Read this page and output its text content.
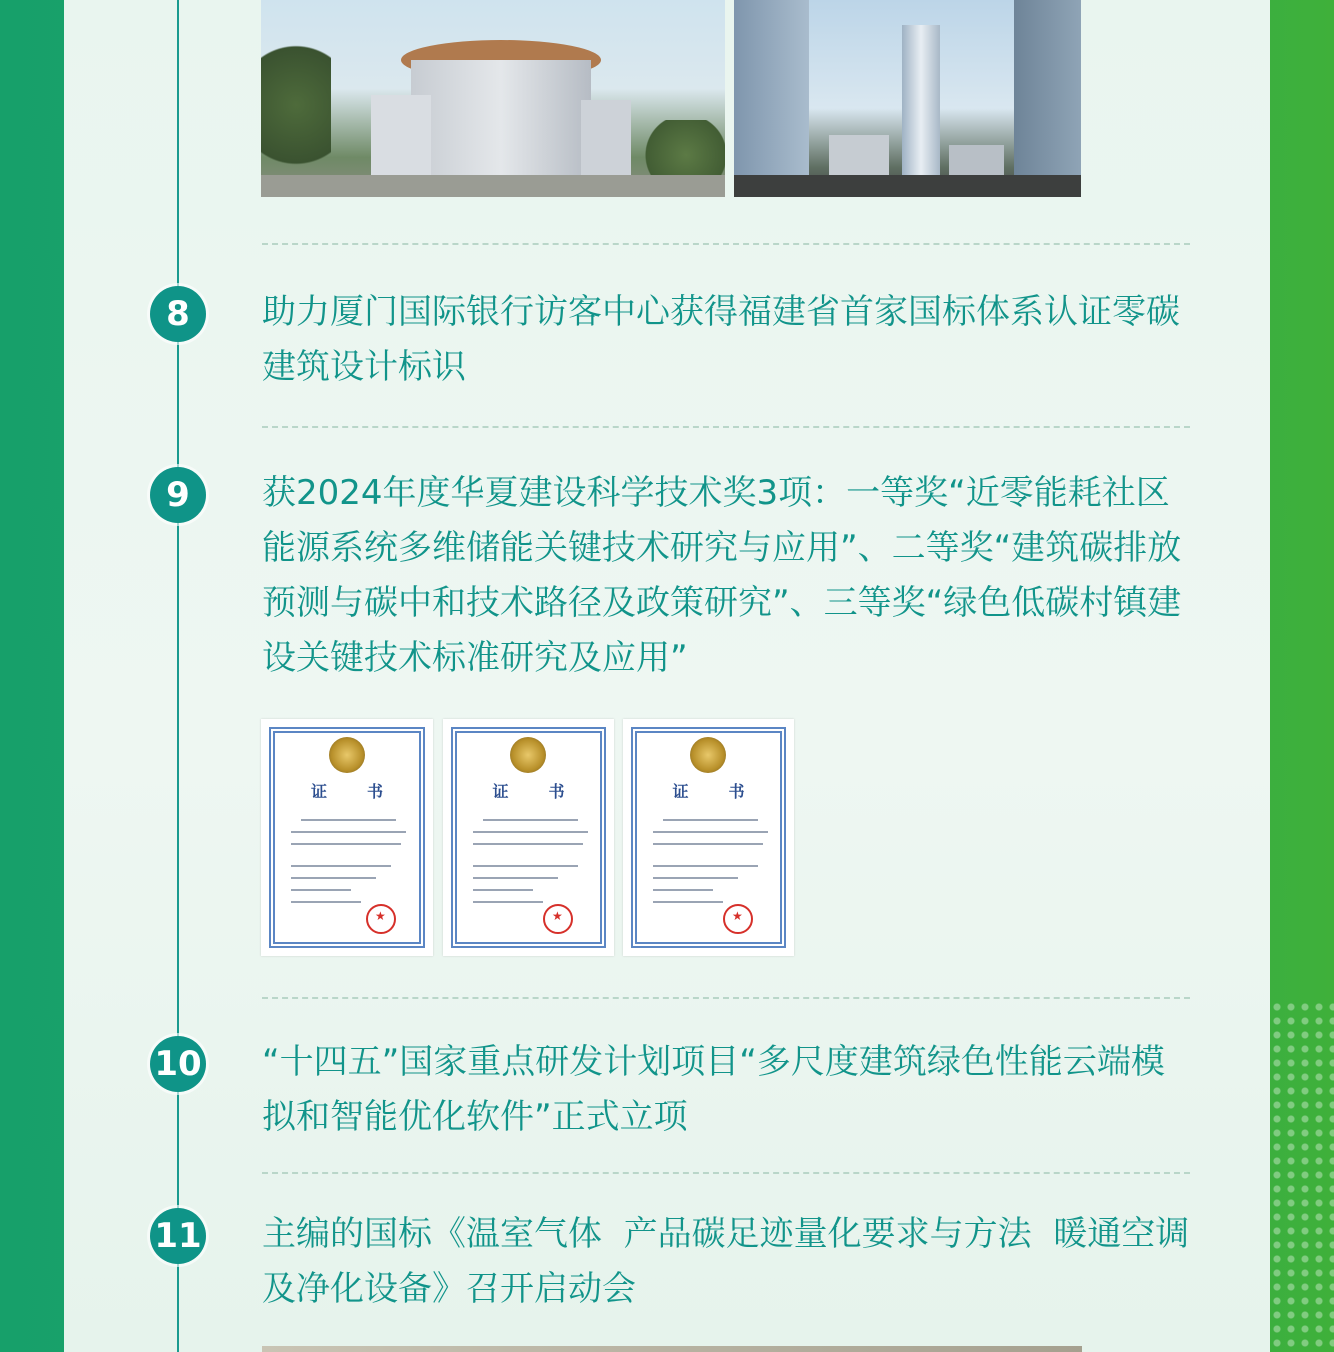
8	助力厦门国际银行访客中心获得福建省首家国标体系认证零碳建筑设计标识
9	获2024年度华夏建设科学技术奖3项：一等奖“近零能耗社区能源系统多维储能关键技术研究与应用”、二等奖“建筑碳排放预测与碳中和技术路径及政策研究”、三等奖“绿色低碳村镇建设关键技术标准研究及应用”
证书
★	证书
★	证书
★
10 “十四五”国家重点研发计划项目“多尺度建筑绿色性能云端模拟和智能优化软件”正式立项
11 主编的国标《温室气体  产品碳足迹量化要求与方法  暖通空调及净化设备》召开启动会
